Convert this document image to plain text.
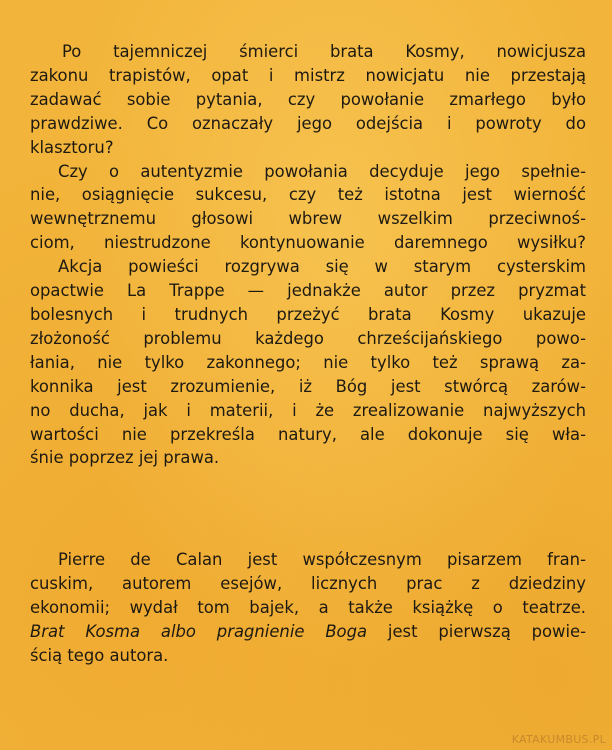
Po tajemniczej śmierci brata Kosmy, nowicjusza
zakonu trapistów, opat i mistrz nowicjatu nie przestają
zadawać sobie pytania, czy powołanie zmarłego było
prawdziwe. Co oznaczały jego odejścia i powroty do
klasztoru?
Czy o autentyzmie powołania decyduje jego spełnie-
nie, osiągnięcie sukcesu, czy też istotna jest wierność
wewnętrznemu głosowi wbrew wszelkim przeciwnoś-
ciom, niestrudzone kontynuowanie daremnego wysiłku?
Akcja powieści rozgrywa się w starym cysterskim
opactwie La Trappe — jednakże autor przez pryzmat
bolesnych i trudnych przeżyć brata Kosmy ukazuje
złożoność problemu każdego chrześcijańskiego powo-
łania, nie tylko zakonnego; nie tylko też sprawą za-
konnika jest zrozumienie, iż Bóg jest stwórcą zarów-
no ducha, jak i materii, i że zrealizowanie najwyższych
wartości nie przekreśla natury, ale dokonuje się wła-
śnie poprzez jej prawa.
Pierre de Calan jest współczesnym pisarzem fran-
cuskim, autorem esejów, licznych prac z dziedziny
ekonomii; wydał tom bajek, a także książkę o teatrze.
Brat Kosma albo pragnienie Boga jest pierwszą powie-
ścią tego autora.
KATAKUMBUS.PL
